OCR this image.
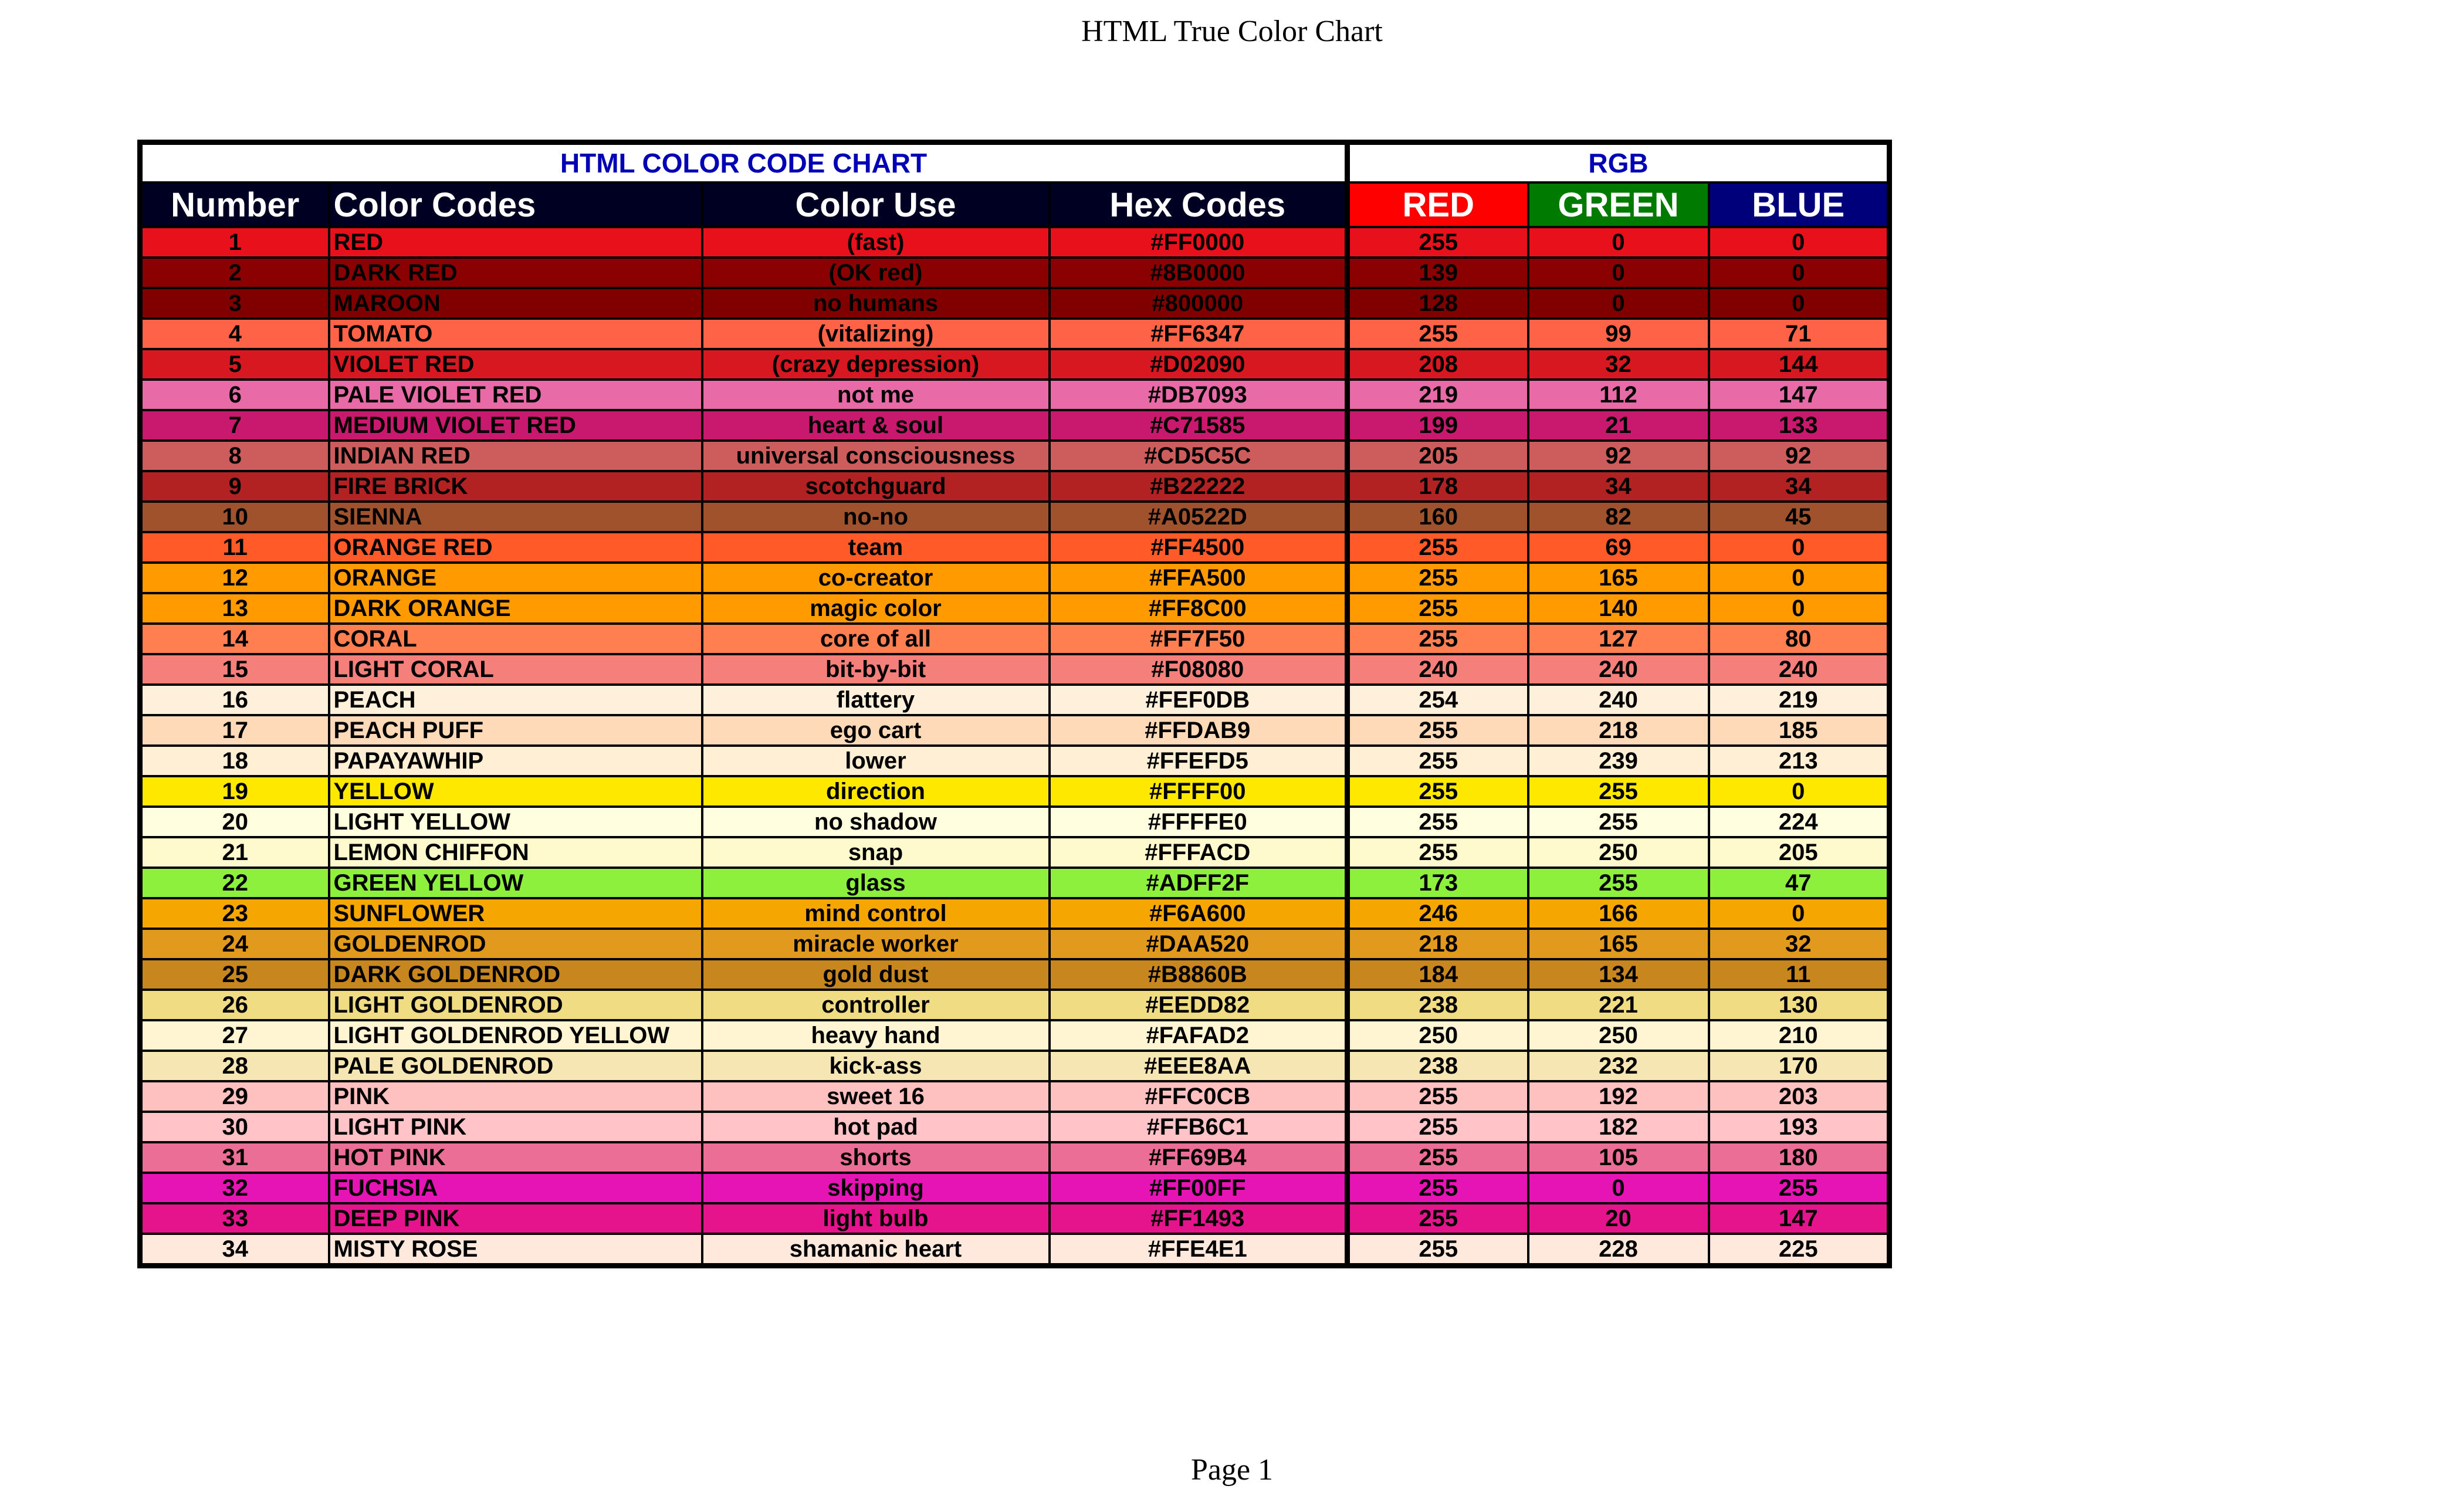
HTML True Color Chart
HTML COLOR CODE CHART				RGB		
Number	Color Codes	Color Use	Hex Codes	RED	GREEN	BLUE
1	RED	(fast)	#FF0000	255	0	0
2	DARK RED	(OK red)	#8B0000	139	0	0
3	MAROON	no humans	#800000	128	0	0
4	TOMATO	(vitalizing)	#FF6347	255	99	71
5	VIOLET RED	(crazy depression)	#D02090	208	32	144
6	PALE VIOLET RED	not me	#DB7093	219	112	147
7	MEDIUM VIOLET RED	heart & soul	#C71585	199	21	133
8	INDIAN RED	universal consciousness	#CD5C5C	205	92	92
9	FIRE BRICK	scotchguard	#B22222	178	34	34
10	SIENNA	no-no	#A0522D	160	82	45
11	ORANGE RED	team	#FF4500	255	69	0
12	ORANGE	co-creator	#FFA500	255	165	0
13	DARK ORANGE	magic color	#FF8C00	255	140	0
14	CORAL	core of all	#FF7F50	255	127	80
15	LIGHT CORAL	bit-by-bit	#F08080	240	240	240
16	PEACH	flattery	#FEF0DB	254	240	219
17	PEACH PUFF	ego cart	#FFDAB9	255	218	185
18	PAPAYAWHIP	lower	#FFEFD5	255	239	213
19	YELLOW	direction	#FFFF00	255	255	0
20	LIGHT YELLOW	no shadow	#FFFFE0	255	255	224
21	LEMON CHIFFON	snap	#FFFACD	255	250	205
22	GREEN YELLOW	glass	#ADFF2F	173	255	47
23	SUNFLOWER	mind control	#F6A600	246	166	0
24	GOLDENROD	miracle worker	#DAA520	218	165	32
25	DARK GOLDENROD	gold dust	#B8860B	184	134	11
26	LIGHT GOLDENROD	controller	#EEDD82	238	221	130
27	LIGHT GOLDENROD YELLOW	heavy hand	#FAFAD2	250	250	210
28	PALE GOLDENROD	kick-ass	#EEE8AA	238	232	170
29	PINK	sweet 16	#FFC0CB	255	192	203
30	LIGHT PINK	hot pad	#FFB6C1	255	182	193
31	HOT PINK	shorts	#FF69B4	255	105	180
32	FUCHSIA	skipping	#FF00FF	255	0	255
33	DEEP PINK	light bulb	#FF1493	255	20	147
34	MISTY ROSE	shamanic heart	#FFE4E1	255	228	225
Page 1
